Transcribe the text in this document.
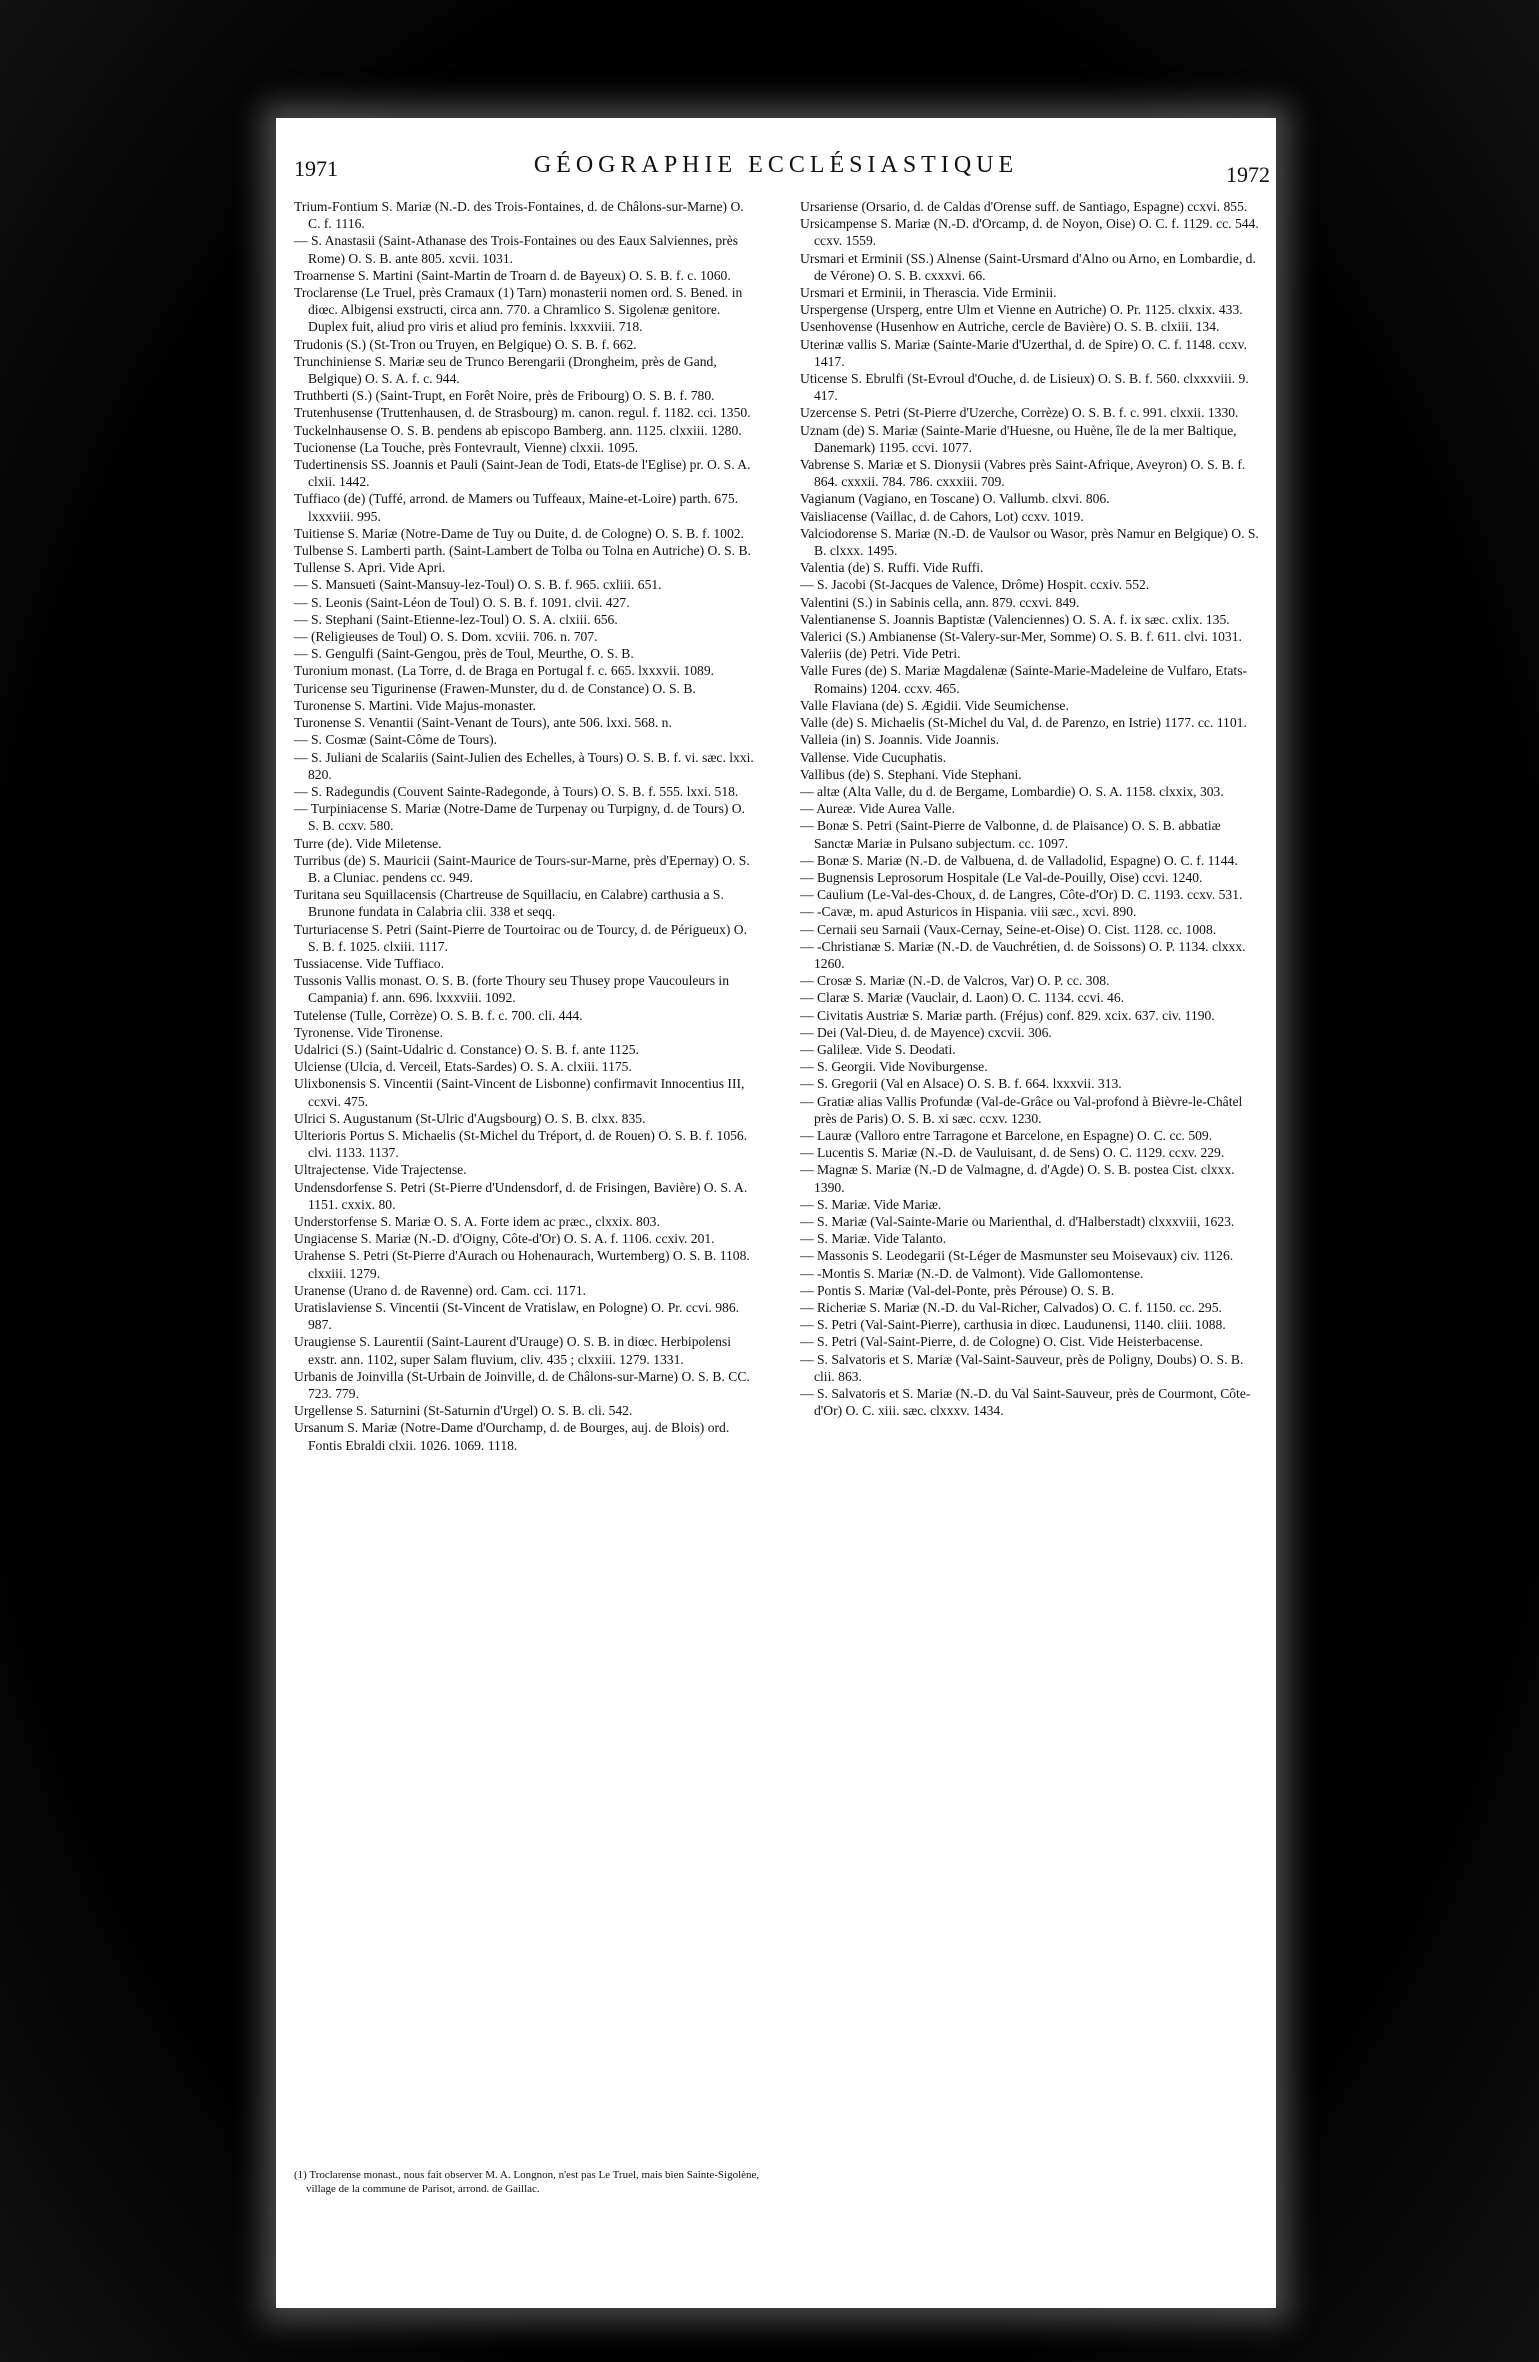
1971	GÉOGRAPHIE ECCLÉSIASTIQUE	1972

Trium-Fontium S. Mariæ (N.-D. des Trois-Fontaines, d. de Châlons-sur-Marne) O. C. f. 1116.

— S. Anastasii (Saint-Athanase des Trois-Fontaines ou des Eaux Salviennes, près Rome) O. S. B. ante 805. xcvii. 1031.

Troarnense S. Martini (Saint-Martin de Troarn d. de Bayeux) O. S. B. f. c. 1060.

Troclarense (Le Truel, près Cramaux (1) Tarn) monasterii nomen ord. S. Bened. in diœc. Albigensi exstructi, circa ann. 770. a Chramlico S. Sigolenæ genitore. Duplex fuit, aliud pro viris et aliud pro feminis. lxxxviii. 718.

Trudonis (S.) (St-Tron ou Truyen, en Belgique) O. S. B. f. 662.

Trunchiniense S. Mariæ seu de Trunco Berengarii (Drongheim, près de Gand, Belgique) O. S. A. f. c. 944.

Truthberti (S.) (Saint-Trupt, en Forêt Noire, près de Fribourg) O. S. B. f. 780.

Trutenhusense (Truttenhausen, d. de Strasbourg) m. canon. regul. f. 1182. cci. 1350.

Tuckelnhausense O. S. B. pendens ab episcopo Bamberg. ann. 1125. clxxiii. 1280.

Tucionense (La Touche, près Fontevrault, Vienne) clxxii. 1095.

Tudertinensis SS. Joannis et Pauli (Saint-Jean de Todi, Etats-de l'Eglise) pr. O. S. A. clxii. 1442.

Tuffiaco (de) (Tuffé, arrond. de Mamers ou Tuffeaux, Maine-et-Loire) parth. 675. lxxxviii. 995.

Tuitiense S. Mariæ (Notre-Dame de Tuy ou Duite, d. de Cologne) O. S. B. f. 1002.

Tulbense S. Lamberti parth. (Saint-Lambert de Tolba ou Tolna en Autriche) O. S. B.

Tullense S. Apri. Vide Apri.

— S. Mansueti (Saint-Mansuy-lez-Toul) O. S. B. f. 965. cxliii. 651.

— S. Leonis (Saint-Léon de Toul) O. S. B. f. 1091. clvii. 427.

— S. Stephani (Saint-Etienne-lez-Toul) O. S. A. clxiii. 656.

— (Religieuses de Toul) O. S. Dom. xcviii. 706. n. 707.

— S. Gengulfi (Saint-Gengou, près de Toul, Meurthe, O. S. B.

Turonium monast. (La Torre, d. de Braga en Portugal f. c. 665. lxxxvii. 1089.

Turicense seu Tigurinense (Frawen-Munster, du d. de Constance) O. S. B.

Turonense S. Martini. Vide Majus-monaster.

Turonense S. Venantii (Saint-Venant de Tours), ante 506. lxxi. 568. n.

— S. Cosmæ (Saint-Côme de Tours).

— S. Juliani de Scalariis (Saint-Julien des Echelles, à Tours) O. S. B. f. vi. sæc. lxxi. 820.

— S. Radegundis (Couvent Sainte-Radegonde, à Tours) O. S. B. f. 555. lxxi. 518.

— Turpiniacense S. Mariæ (Notre-Dame de Turpenay ou Turpigny, d. de Tours) O. S. B. ccxv. 580.

Turre (de). Vide Miletense.

Turribus (de) S. Mauricii (Saint-Maurice de Tours-sur-Marne, près d'Epernay) O. S. B. a Cluniac. pendens cc. 949.

Turitana seu Squillacensis (Chartreuse de Squillaciu, en Calabre) carthusia a S. Brunone fundata in Calabria clii. 338 et seqq.

Turturiacense S. Petri (Saint-Pierre de Tourtoirac ou de Tourcy, d. de Périgueux) O. S. B. f. 1025. clxiii. 1117.

Tussiacense. Vide Tuffiaco.

Tussonis Vallis monast. O. S. B. (forte Thoury seu Thusey prope Vaucouleurs in Campania) f. ann. 696. lxxxviii. 1092.

Tutelense (Tulle, Corrèze) O. S. B. f. c. 700. cli. 444.

Tyronense. Vide Tironense.

Udalrici (S.) (Saint-Udalric d. Constance) O. S. B. f. ante 1125.

Ulciense (Ulcia, d. Verceil, Etats-Sardes) O. S. A. clxiii. 1175.

Ulixbonensis S. Vincentii (Saint-Vincent de Lisbonne) confirmavit Innocentius III, ccxvi. 475.

Ulrici S. Augustanum (St-Ulric d'Augsbourg) O. S. B. clxx. 835.

Ulterioris Portus S. Michaelis (St-Michel du Tréport, d. de Rouen) O. S. B. f. 1056. clvi. 1133. 1137.

Ultrajectense. Vide Trajectense.

Undensdorfense S. Petri (St-Pierre d'Undensdorf, d. de Frisingen, Bavière) O. S. A. 1151. cxxix. 80.

Understorfense S. Mariæ O. S. A. Forte idem ac præc., clxxix. 803.

Ungiacense S. Mariæ (N.-D. d'Oigny, Côte-d'Or) O. S. A. f. 1106. ccxiv. 201.

Urahense S. Petri (St-Pierre d'Aurach ou Hohenaurach, Wurtemberg) O. S. B. 1108. clxxiii. 1279.

Uranense (Urano d. de Ravenne) ord. Cam. cci. 1171.

Uratislaviense S. Vincentii (St-Vincent de Vratislaw, en Pologne) O. Pr. ccvi. 986. 987.

Uraugiense S. Laurentii (Saint-Laurent d'Urauge) O. S. B. in diœc. Herbipolensi exstr. ann. 1102, super Salam fluvium, cliv. 435 ; clxxiii. 1279. 1331.

Urbanis de Joinvilla (St-Urbain de Joinville, d. de Châlons-sur-Marne) O. S. B. CC. 723. 779.

Urgellense S. Saturnini (St-Saturnin d'Urgel) O. S. B. cli. 542.

Ursanum S. Mariæ (Notre-Dame d'Ourchamp, d. de Bourges, auj. de Blois) ord. Fontis Ebraldi clxii. 1026. 1069. 1118.

Ursariense (Orsario, d. de Caldas d'Orense suff. de Santiago, Espagne) ccxvi. 855.

Ursicampense S. Mariæ (N.-D. d'Orcamp, d. de Noyon, Oise) O. C. f. 1129. cc. 544. ccxv. 1559.

Ursmari et Erminii (SS.) Alnense (Saint-Ursmard d'Alno ou Arno, en Lombardie, d. de Vérone) O. S. B. cxxxvi. 66.

Ursmari et Erminii, in Therascia. Vide Erminii.

Urspergense (Ursperg, entre Ulm et Vienne en Autriche) O. Pr. 1125. clxxix. 433.

Usenhovense (Husenhow en Autriche, cercle de Bavière) O. S. B. clxiii. 134.

Uterinæ vallis S. Mariæ (Sainte-Marie d'Uzerthal, d. de Spire) O. C. f. 1148. ccxv. 1417.

Uticense S. Ebrulfi (St-Evroul d'Ouche, d. de Lisieux) O. S. B. f. 560. clxxxviii. 9. 417.

Uzercense S. Petri (St-Pierre d'Uzerche, Corrèze) O. S. B. f. c. 991. clxxii. 1330.

Uznam (de) S. Mariæ (Sainte-Marie d'Huesne, ou Huène, île de la mer Baltique, Danemark) 1195. ccvi. 1077.

Vabrense S. Mariæ et S. Dionysii (Vabres près Saint-Afrique, Aveyron) O. S. B. f. 864. cxxxii. 784. 786. cxxxiii. 709.

Vagianum (Vagiano, en Toscane) O. Vallumb. clxvi. 806.

Vaisliacense (Vaillac, d. de Cahors, Lot) ccxv. 1019.

Valciodorense S. Mariæ (N.-D. de Vaulsor ou Wasor, près Namur en Belgique) O. S. B. clxxx. 1495.

Valentia (de) S. Ruffi. Vide Ruffi.

— S. Jacobi (St-Jacques de Valence, Drôme) Hospit. ccxiv. 552.

Valentini (S.) in Sabinis cella, ann. 879. ccxvi. 849.

Valentianense S. Joannis Baptistæ (Valenciennes) O. S. A. f. ix sæc. cxlix. 135.

Valerici (S.) Ambianense (St-Valery-sur-Mer, Somme) O. S. B. f. 611. clvi. 1031.

Valeriis (de) Petri. Vide Petri.

Valle Fures (de) S. Mariæ Magdalenæ (Sainte-Marie-Madeleine de Vulfaro, Etats-Romains) 1204. ccxv. 465.

Valle Flaviana (de) S. Ægidii. Vide Seumichense.

Valle (de) S. Michaelis (St-Michel du Val, d. de Parenzo, en Istrie) 1177. cc. 1101.

Valleia (in) S. Joannis. Vide Joannis.

Vallense. Vide Cucuphatis.

Vallibus (de) S. Stephani. Vide Stephani.

— altæ (Alta Valle, du d. de Bergame, Lombardie) O. S. A. 1158. clxxix, 303.

— Aureæ. Vide Aurea Valle.

— Bonæ S. Petri (Saint-Pierre de Valbonne, d. de Plaisance) O. S. B. abbatiæ Sanctæ Mariæ in Pulsano subjectum. cc. 1097.

— Bonæ S. Mariæ (N.-D. de Valbuena, d. de Valladolid, Espagne) O. C. f. 1144.

— Bugnensis Leprosorum Hospitale (Le Val-de-Pouilly, Oise) ccvi. 1240.

— Caulium (Le-Val-des-Choux, d. de Langres, Côte-d'Or) D. C. 1193. ccxv. 531.

— -Cavæ, m. apud Asturicos in Hispania. viii sæc., xcvi. 890.

— Cernaii seu Sarnaii (Vaux-Cernay, Seine-et-Oise) O. Cist. 1128. cc. 1008.

— -Christianæ S. Mariæ (N.-D. de Vauchrétien, d. de Soissons) O. P. 1134. clxxx. 1260.

— Crosæ S. Mariæ (N.-D. de Valcros, Var) O. P. cc. 308.

— Claræ S. Mariæ (Vauclair, d. Laon) O. C. 1134. ccvi. 46.

— Civitatis Austriæ S. Mariæ parth. (Fréjus) conf. 829. xcix. 637. civ. 1190.

— Dei (Val-Dieu, d. de Mayence) cxcvii. 306.

— Galileæ. Vide S. Deodati.

— S. Georgii. Vide Noviburgense.

— S. Gregorii (Val en Alsace) O. S. B. f. 664. lxxxvii. 313.

— Gratiæ alias Vallis Profundæ (Val-de-Grâce ou Val-profond à Bièvre-le-Châtel près de Paris) O. S. B. xi sæc. ccxv. 1230.

— Lauræ (Valloro entre Tarragone et Barcelone, en Espagne) O. C. cc. 509.

— Lucentis S. Mariæ (N.-D. de Vauluisant, d. de Sens) O. C. 1129. ccxv. 229.

— Magnæ S. Mariæ (N.-D de Valmagne, d. d'Agde) O. S. B. postea Cist. clxxx. 1390.

— S. Mariæ. Vide Mariæ.

— S. Mariæ (Val-Sainte-Marie ou Marienthal, d. d'Halberstadt) clxxxviii, 1623.

— S. Mariæ. Vide Talanto.

— Massonis S. Leodegarii (St-Léger de Masmunster seu Moisevaux) civ. 1126.

— -Montis S. Mariæ (N.-D. de Valmont). Vide Gallomontense.

— Pontis S. Mariæ (Val-del-Ponte, près Pérouse) O. S. B.

— Richeriæ S. Mariæ (N.-D. du Val-Richer, Calvados) O. C. f. 1150. cc. 295.

— S. Petri (Val-Saint-Pierre), carthusia in diœc. Laudunensi, 1140. cliii. 1088.

— S. Petri (Val-Saint-Pierre, d. de Cologne) O. Cist. Vide Heisterbacense.

— S. Salvatoris et S. Mariæ (Val-Saint-Sauveur, près de Poligny, Doubs) O. S. B. clii. 863.

— S. Salvatoris et S. Mariæ (N.-D. du Val Saint-Sauveur, près de Courmont, Côte-d'Or) O. C. xiii. sæc. clxxxv. 1434.

(1) Troclarense monast., nous fait observer M. A. Longnon, n'est pas Le Truel, mais bien Sainte-Sigolène, village de la commune de Parisot, arrond. de Gaillac.
